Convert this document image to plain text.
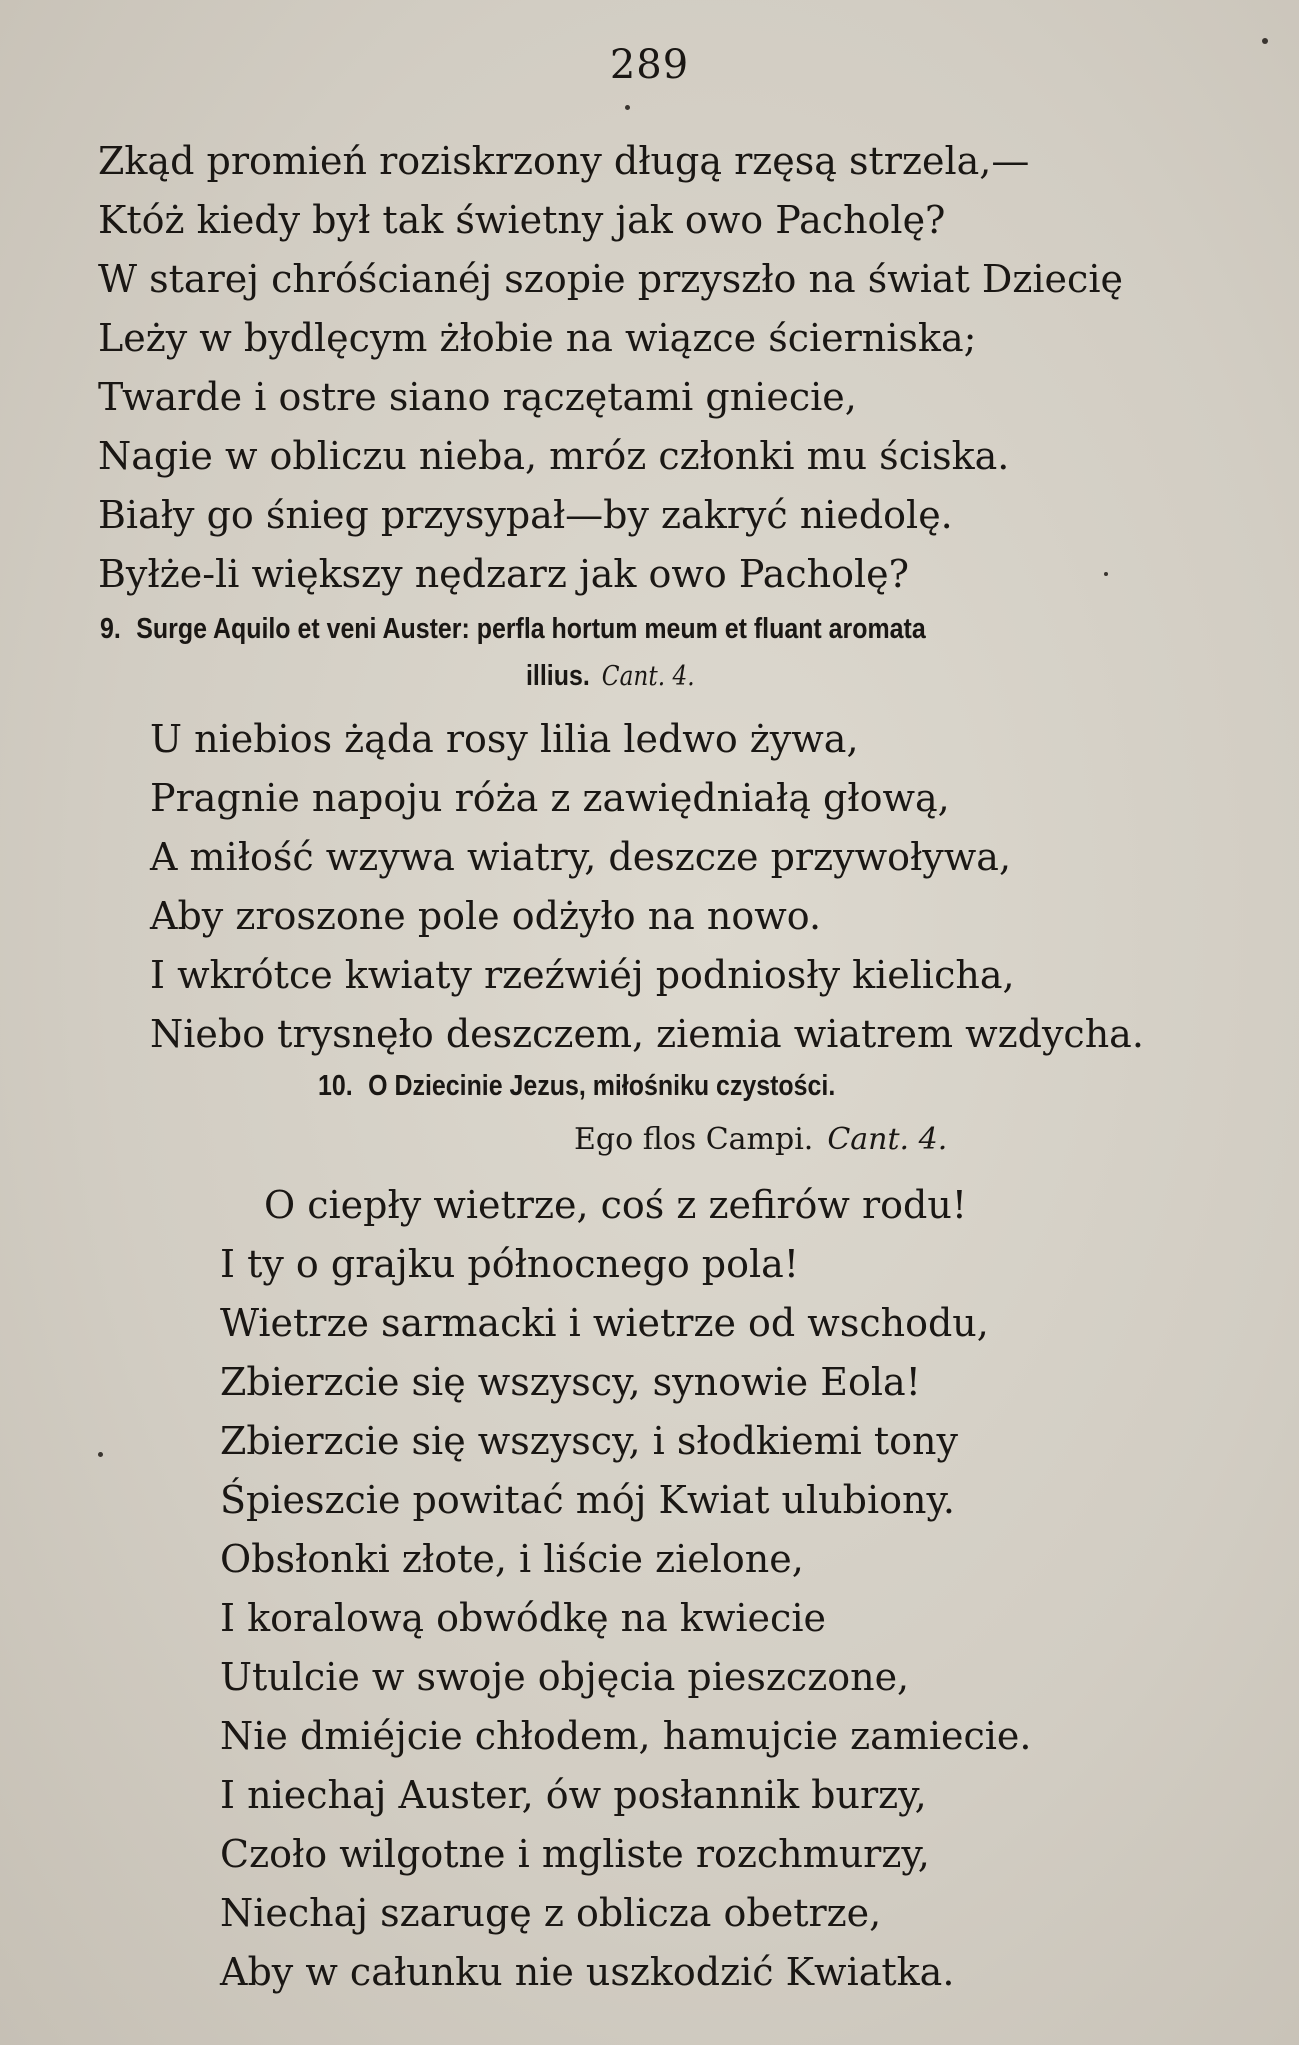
289
Zkąd promień roziskrzony długą rzęsą strzela,—
Któż kiedy był tak świetny jak owo Pacholę?
W starej chróścianéj szopie przyszło na świat Dziecię
Leży w bydlęcym żłobie na wiązce ścierniska;
Twarde i ostre siano rączętami gniecie,
Nagie w obliczu nieba, mróz członki mu ściska.
Biały go śnieg przysypał—by zakryć niedolę.
Byłże-li większy nędzarz jak owo Pacholę?
9. Surge Aquilo et veni Auster: perfla hortum meum et fluant aromata
illius. Cant. 4.
U niebios żąda rosy lilia ledwo żywa,
Pragnie napoju róża z zawiędniałą głową,
A miłość wzywa wiatry, deszcze przywoływa,
Aby zroszone pole odżyło na nowo.
I wkrótce kwiaty rzeźwiéj podniosły kielicha,
Niebo trysnęło deszczem, ziemia wiatrem wzdycha.
10. O Dziecinie Jezus, miłośniku czystości.
Ego flos Campi. Cant. 4.
O ciepły wietrze, coś z zefirów rodu!
I ty o grajku północnego pola!
Wietrze sarmacki i wietrze od wschodu,
Zbierzcie się wszyscy, synowie Eola!
Zbierzcie się wszyscy, i słodkiemi tony
Śpieszcie powitać mój Kwiat ulubiony.
Obsłonki złote, i liście zielone,
I koralową obwódkę na kwiecie
Utulcie w swoje objęcia pieszczone,
Nie dmiéjcie chłodem, hamujcie zamiecie.
I niechaj Auster, ów posłannik burzy,
Czoło wilgotne i mgliste rozchmurzy,
Niechaj szarugę z oblicza obetrze,
Aby w całunku nie uszkodzić Kwiatka.
